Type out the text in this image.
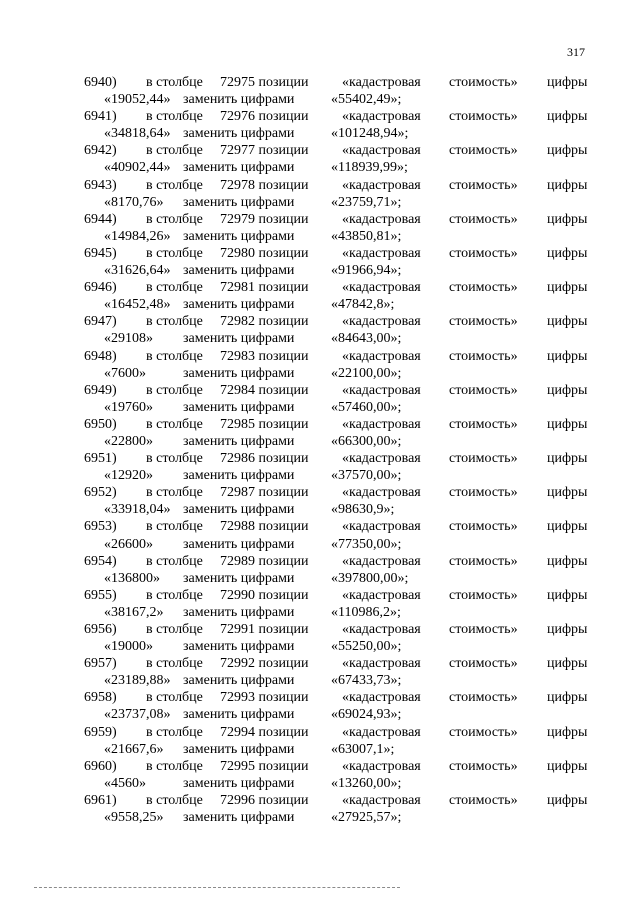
317
6940) в столбце 72975 позиции «кадастровая стоимость» цифры
«19052,44» заменить цифрами	«55402,49»;
6941) в столбце 72976 позиции «кадастровая стоимость» цифры
«34818,64» заменить цифрами	«101248,94»;
6942) в столбце 72977 позиции «кадастровая стоимость» цифры
«40902,44» заменить цифрами	«118939,99»;
6943) в столбце 72978 позиции «кадастровая стоимость» цифры
«8170,76» заменить цифрами	«23759,71»;
6944) в столбце 72979 позиции «кадастровая стоимость» цифры
«14984,26» заменить цифрами	«43850,81»;
6945) в столбце 72980 позиции «кадастровая стоимость» цифры
«31626,64» заменить цифрами	«91966,94»;
6946) в столбце 72981 позиции «кадастровая стоимость» цифры
«16452,48» заменить цифрами	«47842,8»;
6947) в столбце 72982 позиции «кадастровая стоимость» цифры
«29108» заменить цифрами	«84643,00»;
6948) в столбце 72983 позиции «кадастровая стоимость» цифры
«7600»	заменить цифрами	«22100,00»;
6949) в столбце 72984 позиции «кадастровая стоимость» цифры
«19760» заменить цифрами	«57460,00»;
6950) в столбце 72985 позиции «кадастровая стоимость» цифры
«22800» заменить цифрами	«66300,00»;
6951) в столбце 72986 позиции «кадастровая стоимость» цифры
«12920» заменить цифрами	«37570,00»;
6952) в столбце 72987 позиции «кадастровая стоимость» цифры
«33918,04» заменить цифрами	«98630,9»;
6953) в столбце 72988 позиции «кадастровая стоимость» цифры
«26600» заменить цифрами	«77350,00»;
6954) в столбце 72989 позиции «кадастровая стоимость» цифры
«136800» заменить цифрами	«397800,00»;
6955) в столбце 72990 позиции «кадастровая стоимость» цифры
«38167,2» заменить цифрами	«110986,2»;
6956) в столбце 72991 позиции «кадастровая стоимость» цифры
«19000» заменить цифрами	«55250,00»;
6957) в столбце 72992 позиции «кадастровая стоимость» цифры
«23189,88» заменить цифрами	«67433,73»;
6958) в столбце 72993 позиции «кадастровая стоимость» цифры
«23737,08» заменить цифрами	«69024,93»;
6959) в столбце 72994 позиции «кадастровая стоимость» цифры
«21667,6» заменить цифрами	«63007,1»;
6960) в столбце 72995 позиции «кадастровая стоимость» цифры
«4560»	заменить цифрами	«13260,00»;
6961) в столбце 72996 позиции «кадастровая стоимость» цифры
«9558,25» заменить цифрами	«27925,57»;
